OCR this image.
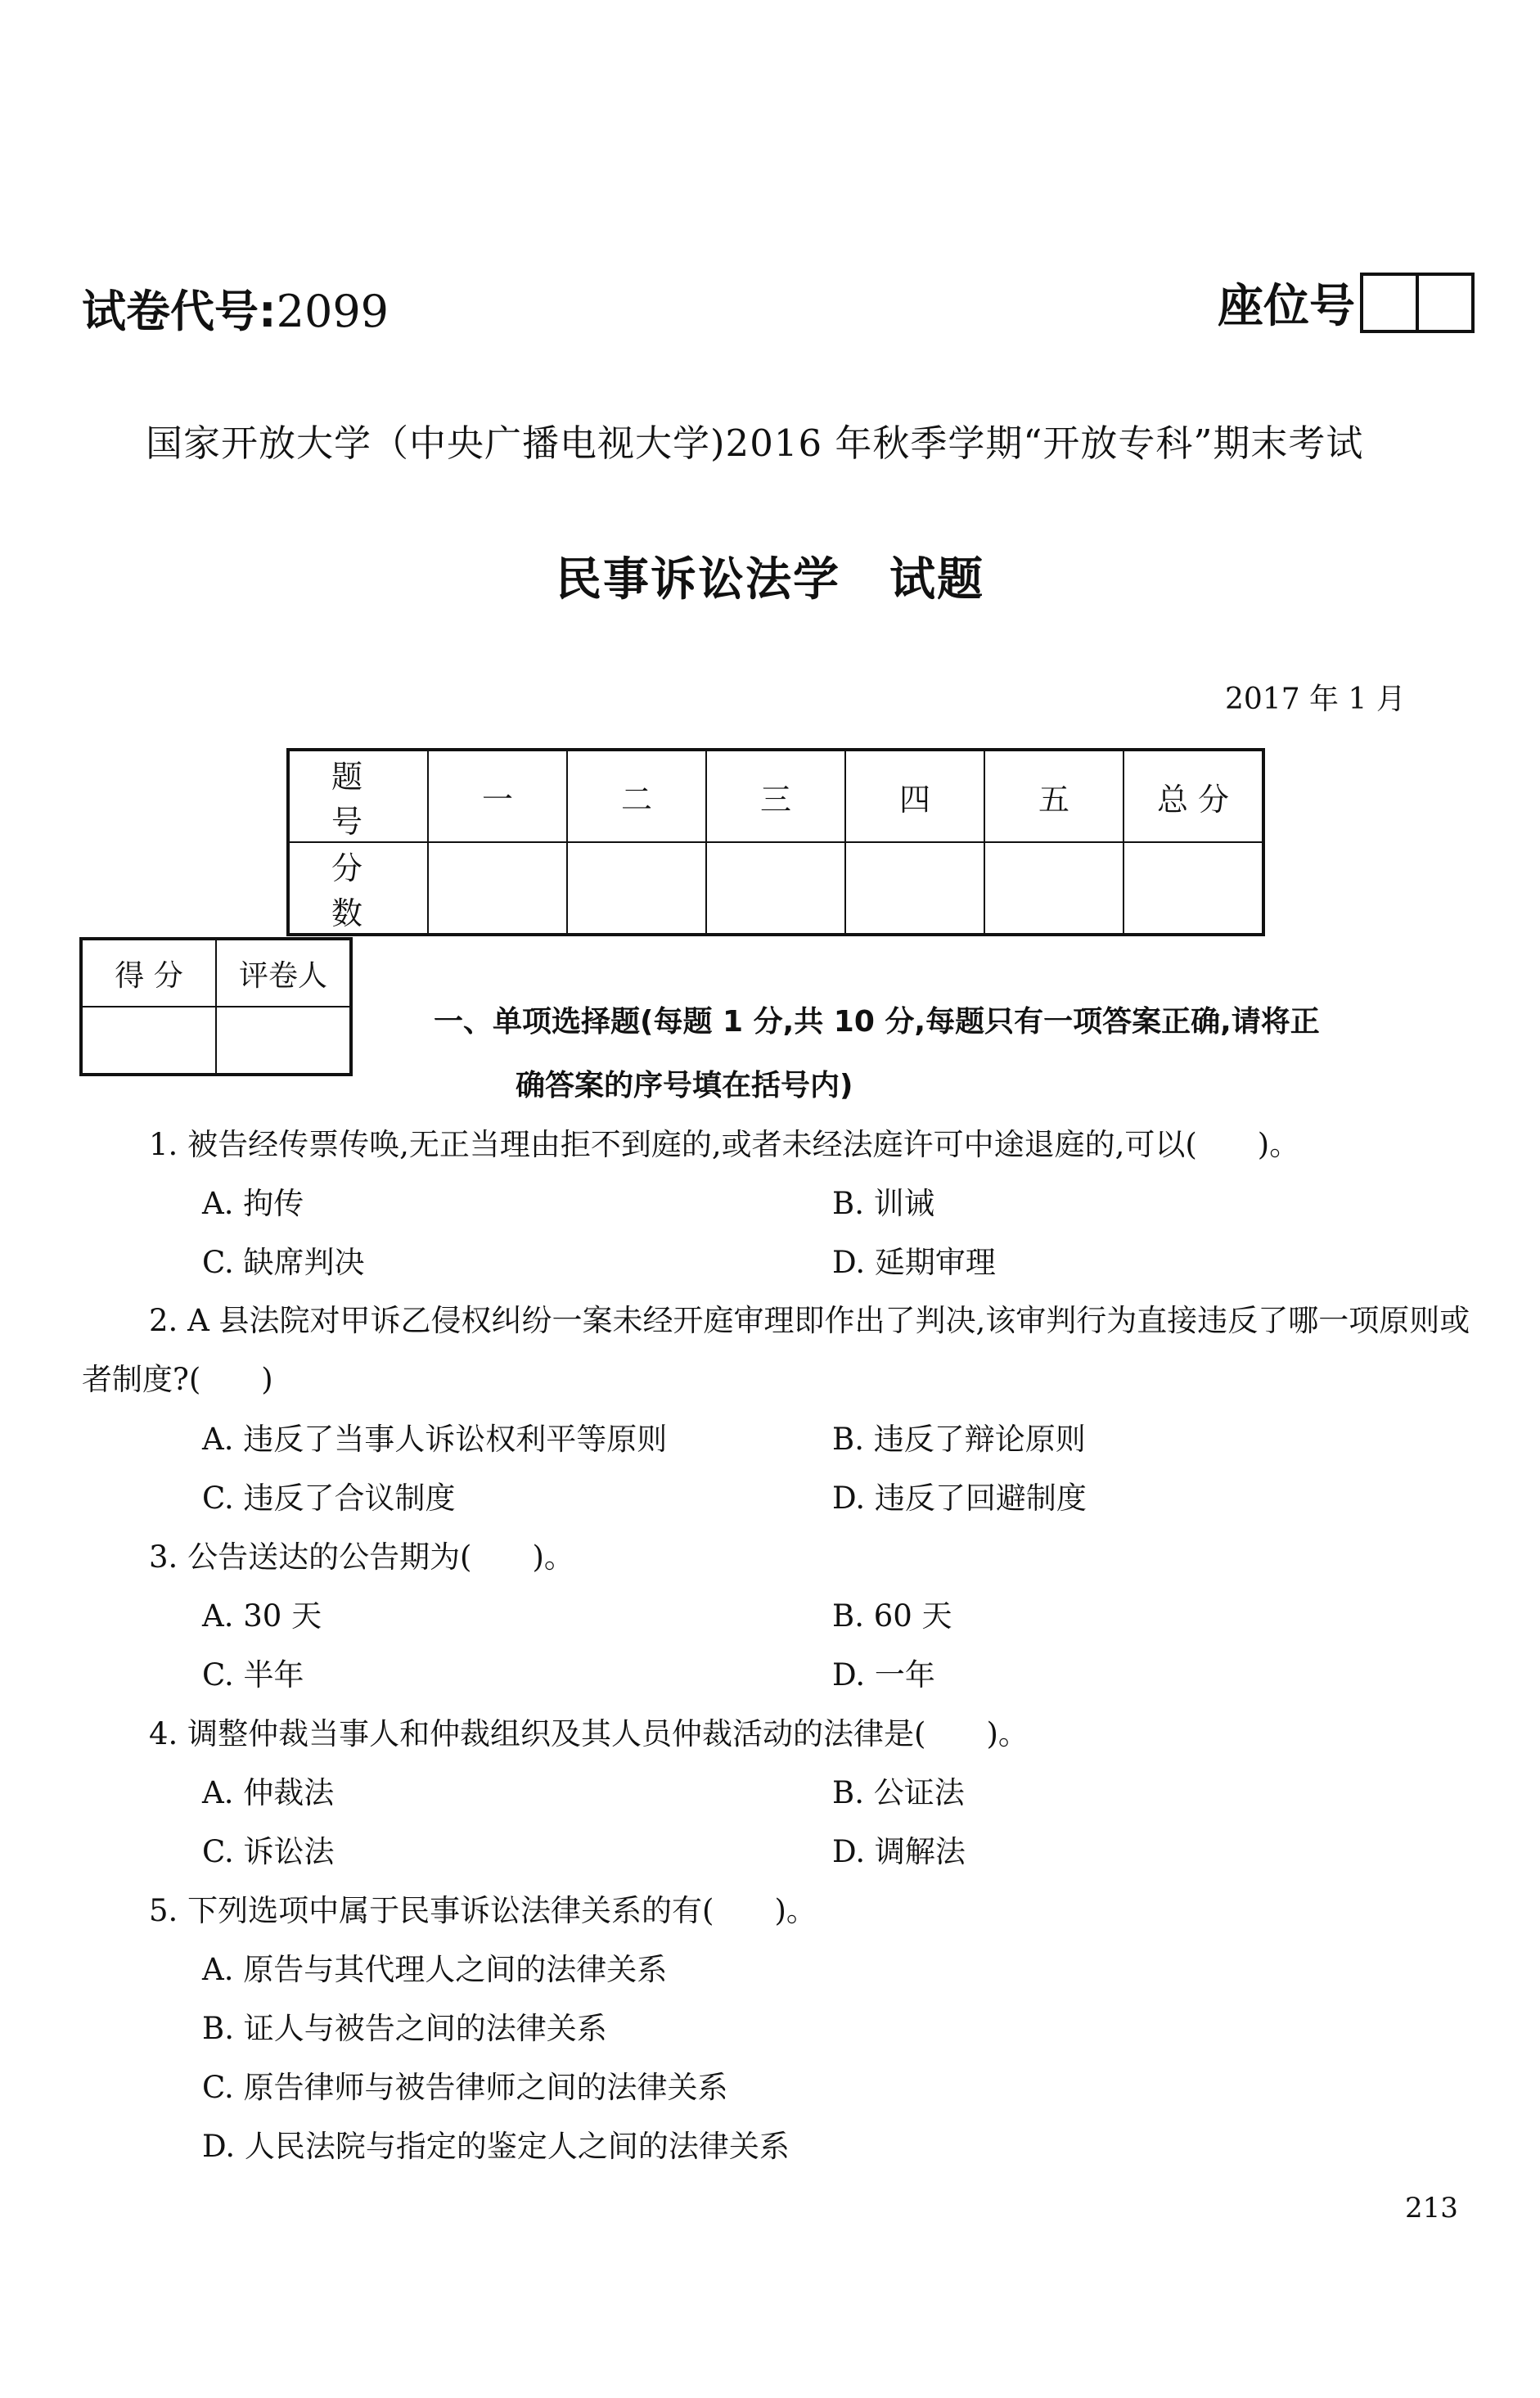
试卷代号:2099	座位号
国家开放大学（中央广播电视大学)2016 年秋季学期“开放专科”期末考试
民事诉讼法学 试题
2017 年 1 月
题 号	一	二	三	四	五	总 分
分 数						
得 分	评卷人

一、单项选择题(每题 1 分,共 10 分,每题只有一项答案正确,请将正
确答案的序号填在括号内)
1. 被告经传票传唤,无正当理由拒不到庭的,或者未经法庭许可中途退庭的,可以(　　)。
A. 拘传	B. 训诫
C. 缺席判决	D. 延期审理
2. A 县法院对甲诉乙侵权纠纷一案未经开庭审理即作出了判决,该审判行为直接违反了哪一项原则或者制度?(　　)
A. 违反了当事人诉讼权利平等原则	B. 违反了辩论原则
C. 违反了合议制度	D. 违反了回避制度
3. 公告送达的公告期为(　　)。
A. 30 天	B. 60 天
C. 半年	D. 一年
4. 调整仲裁当事人和仲裁组织及其人员仲裁活动的法律是(　　)。
A. 仲裁法	B. 公证法
C. 诉讼法	D. 调解法
5. 下列选项中属于民事诉讼法律关系的有(　　)。
A. 原告与其代理人之间的法律关系
B. 证人与被告之间的法律关系
C. 原告律师与被告律师之间的法律关系
D. 人民法院与指定的鉴定人之间的法律关系
213
